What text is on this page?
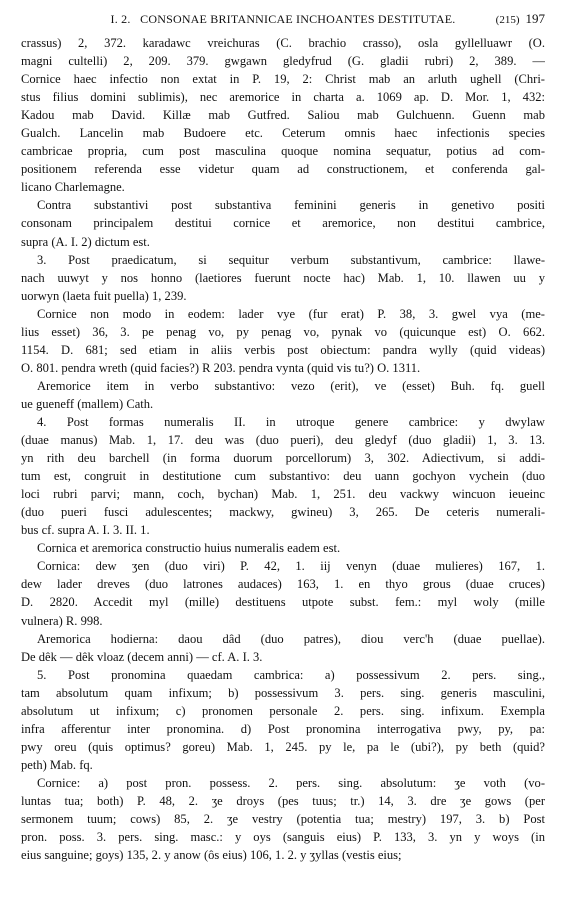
I. 2. CONSONAE BRITANNICAE INCHOANTES DESTITUTAE.	(215) 197
crassus) 2, 372. karadawc vreichuras (C. brachio crasso), osla gyllelluawr (O.
magni cultelli) 2, 209. 379. gwgawn gledyfrud (G. gladii rubri) 2, 389. —
Cornice haec infectio non extat in P. 19, 2: Christ mab an arluth ughell (Chri-
stus filius domini sublimis), nec aremorice in charta a. 1069 ap. D. Mor. 1, 432:
Kadou mab David. Killæ mab Gutfred. Saliou mab Gulchuenn. Guenn mab
Gualch. Lancelin mab Budoere etc. Ceterum omnis haec infectionis species
cambricae propria, cum post masculina quoque nomina sequatur, potius ad com-
positionem referenda esse videtur quam ad constructionem, et conferenda gal-
licano Charlemagne.
Contra substantivi post substantiva feminini generis in genetivo positi
consonam principalem destitui cornice et aremorice, non destitui cambrice,
supra (A. I. 2) dictum est.
3. Post praedicatum, si sequitur verbum substantivum, cambrice: llawe-
nach uuwyt y nos honno (laetiores fuerunt nocte hac) Mab. 1, 10. llawen uu y
uorwyn (laeta fuit puella) 1, 239.
Cornice non modo in eodem: lader vye (fur erat) P. 38, 3. gwel vya (me-
lius esset) 36, 3. pe penag vo, py penag vo, pynak vo (quicunque est) O. 662.
1154. D. 681; sed etiam in aliis verbis post obiectum: pandra wylly (quid videas)
O. 801. pendra wreth (quid facies?) R 203. pendra vynta (quid vis tu?) O. 1311.
Aremorice item in verbo substantivo: vezo (erit), ve (esset) Buh. fq. guell
ue gueneff (mallem) Cath.
4. Post formas numeralis II. in utroque genere cambrice: y dwylaw
(duae manus) Mab. 1, 17. deu was (duo pueri), deu gledyf (duo gladii) 1, 3. 13.
yn rith deu barchell (in forma duorum porcellorum) 3, 302. Adiectivum, si addi-
tum est, congruit in destitutione cum substantivo: deu uann gochyon vychein (duo
loci rubri parvi; mann, coch, bychan) Mab. 1, 251. deu vackwy wincuon ieueinc
(duo pueri fusci adulescentes; mackwy, gwineu) 3, 265. De ceteris numerali-
bus cf. supra A. I. 3. II. 1.
Cornica et aremorica constructio huius numeralis eadem est.
Cornica: dew ʒen (duo viri) P. 42, 1. iij venyn (duae mulieres) 167, 1.
dew lader dreves (duo latrones audaces) 163, 1. en thyo grous (duae cruces)
D. 2820. Accedit myl (mille) destituens utpote subst. fem.: myl woly (mille
vulnera) R. 998.
Aremorica hodierna: daou dâd (duo patres), diou verc'h (duae puellae).
De dêk — dêk vloaz (decem anni) — cf. A. I. 3.
5. Post pronomina quaedam cambrica: a) possessivum 2. pers. sing.,
tam absolutum quam infixum; b) possessivum 3. pers. sing. generis masculini,
absolutum ut infixum; c) pronomen personale 2. pers. sing. infixum. Exempla
infra afferentur inter pronomina. d) Post pronomina interrogativa pwy, py, pa:
pwy oreu (quis optimus? goreu) Mab. 1, 245. py le, pa le (ubi?), py beth (quid?
peth) Mab. fq.
Cornice: a) post pron. possess. 2. pers. sing. absolutum: ʒe voth (vo-
luntas tua; both) P. 48, 2. ʒe droys (pes tuus; tr.) 14, 3. dre ʒe gows (per
sermonem tuum; cows) 85, 2. ʒe vestry (potentia tua; mestry) 197, 3. b) Post
pron. poss. 3. pers. sing. masc.: y oys (sanguis eius) P. 133, 3. yn y woys (in
eius sanguine; goys) 135, 2. y anow (ôs eius) 106, 1. 2. y ʒyllas (vestis eius;
